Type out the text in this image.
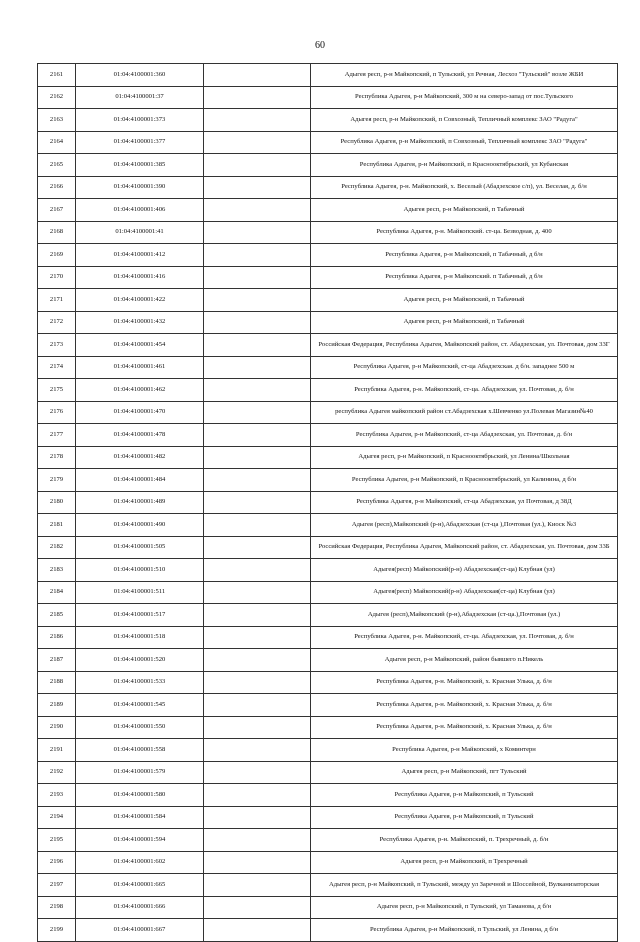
60
2161	01:04:4100001:360		Адыгея респ, р-н Майкопский, п Тульский, ул Речная, Лесхоз "Тульский" возле ЖБИ
2162	01:04:4100001:37		Республика Адыгея, р-н Майкопский, 300 м на северо-запад от пос.Тульского
2163	01:04:4100001:373		Адыгея респ, р-н Майкопский, п Совхозный, Тепличный комплекс ЗАО "Радуга"
2164	01:04:4100001:377		Республика Адыгея, р-н Майкопский, п Совхозный, Тепличный комплекс ЗАО "Радуга"
2165	01:04:4100001:385		Республика Адыгея, р-н Майкопский, п Краснооктябрьский, ул Кубанская
2166	01:04:4100001:390		Республика Адыгея, р-н. Майкопский, х. Веселый (Абадзехское с/п), ул. Веселая, д. б/н
2167	01:04:4100001:406		Адыгея респ, р-н Майкопский, п Табачный
2168	01:04:4100001:41		Республика Адыгея, р-н. Майкопский. ст-ца. Безводная, д. 400
2169	01:04:4100001:412		Республика Адыгея, р-н Майкопский, п Табачный, д б/н
2170	01:04:4100001:416		Республика Адыгея, р-н Майкопский. п Табачный, д б/н
2171	01:04:4100001:422		Адыгея респ, р-н Майкопский, п Табачный
2172	01:04:4100001:432		Адыгея респ, р-н Майкопский, п Табачный
2173	01:04:4100001:454		Российская Федерация, Республика Адыгея, Майкопский район, ст. Абадзехская, ул. Почтовая, дом 33Г
2174	01:04:4100001:461		Республика Адыгея, р-н Майкопский, ст-ца Абадзехская. д б/н. западнее 500 м
2175	01:04:4100001:462		Республика Адыгея, р-н. Майкопский, ст-ца. Абадзехская, ул. Почтовая, д. б/н
2176	01:04:4100001:470		республика Адыгея майкопский район ст.Абадзехская х.Шевченко ул.Полевая Магазин№40
2177	01:04:4100001:478		Республика Адыгея, р-н Майкопский, ст-ца Абадзехская, ул. Почтовая, д. б/н
2178	01:04:4100001:482		Адыгея респ, р-н Майкопский, п Краснооктябрьский, ул Ленина/Школьная
2179	01:04:4100001:484		Республика Адыгея, р-н Майкопский, п Краснооктябрьский, ул Калинина, д б/н
2180	01:04:4100001:489		Республика Адыгея, р-н Майкопский, ст-ца Абадзехская, ул Почтовая, д 38Д
2181	01:04:4100001:490		Адыгея (респ),Майкопский (р-н),Абадзехская (ст-ца ),Почтовая (ул.), Киоск №3
2182	01:04:4100001:505		Российская Федерация, Республика Адыгея, Майкопский район, ст. Абадзехская, ул. Почтовая, дом 33Б
2183	01:04:4100001:510		Адыгея(респ) Майкопский(р-н) Абадзехская(ст-ца) Клубная (ул)
2184	01:04:4100001:511		Адыгея(респ) Майкопский(р-н) Абадзехская(ст-ца) Клубная (ул)
2185	01:04:4100001:517		Адыгея (респ),Майкопский (р-н),Абадзехская (ст-ца.),Почтовая (ул.)
2186	01:04:4100001:518		Республика Адыгея, р-н. Майкопский, ст-ца. Абадзехская, ул. Почтовая, д. б/н
2187	01:04:4100001:520		Адыгея респ, р-н Майкопский, район бывшего п.Никель
2188	01:04:4100001:533		Республика Адыгея, р-н. Майкопский, х. Красная Улька, д. б/н
2189	01:04:4100001:545		Республика Адыгея, р-н. Майкопский, х. Красная Улька, д. б/н
2190	01:04:4100001:550		Республика Адыгея, р-н. Майкопский, х. Красная Улька, д. б/н
2191	01:04:4100001:558		Республика Адыгея, р-н Майкопский, х Коминтерн
2192	01:04:4100001:579		Адыгея респ, р-н Майкопский, пгт Тульский
2193	01:04:4100001:580		Республика Адыгея, р-н Майкопский, п Тульский
2194	01:04:4100001:584		Республика Адыгея, р-н Майкопский, п Тульский
2195	01:04:4100001:594		Республика Адыгея, р-н. Майкопский, п. Трехречный, д. б/н
2196	01:04:4100001:602		Адыгея респ, р-н Майкопский, п Трехречный
2197	01:04:4100001:665		Адыгея респ, р-н Майкопский, п Тульский, между ул Заречной и Шоссейной, Вулканизаторская
2198	01:04:4100001:666		Адыгея респ, р-н Майкопский, п Тульский, ул Таманова, д б/н
2199	01:04:4100001:667		Республика Адыгея, р-н Майкопский, п Тульский, ул Ленина, д б/н
